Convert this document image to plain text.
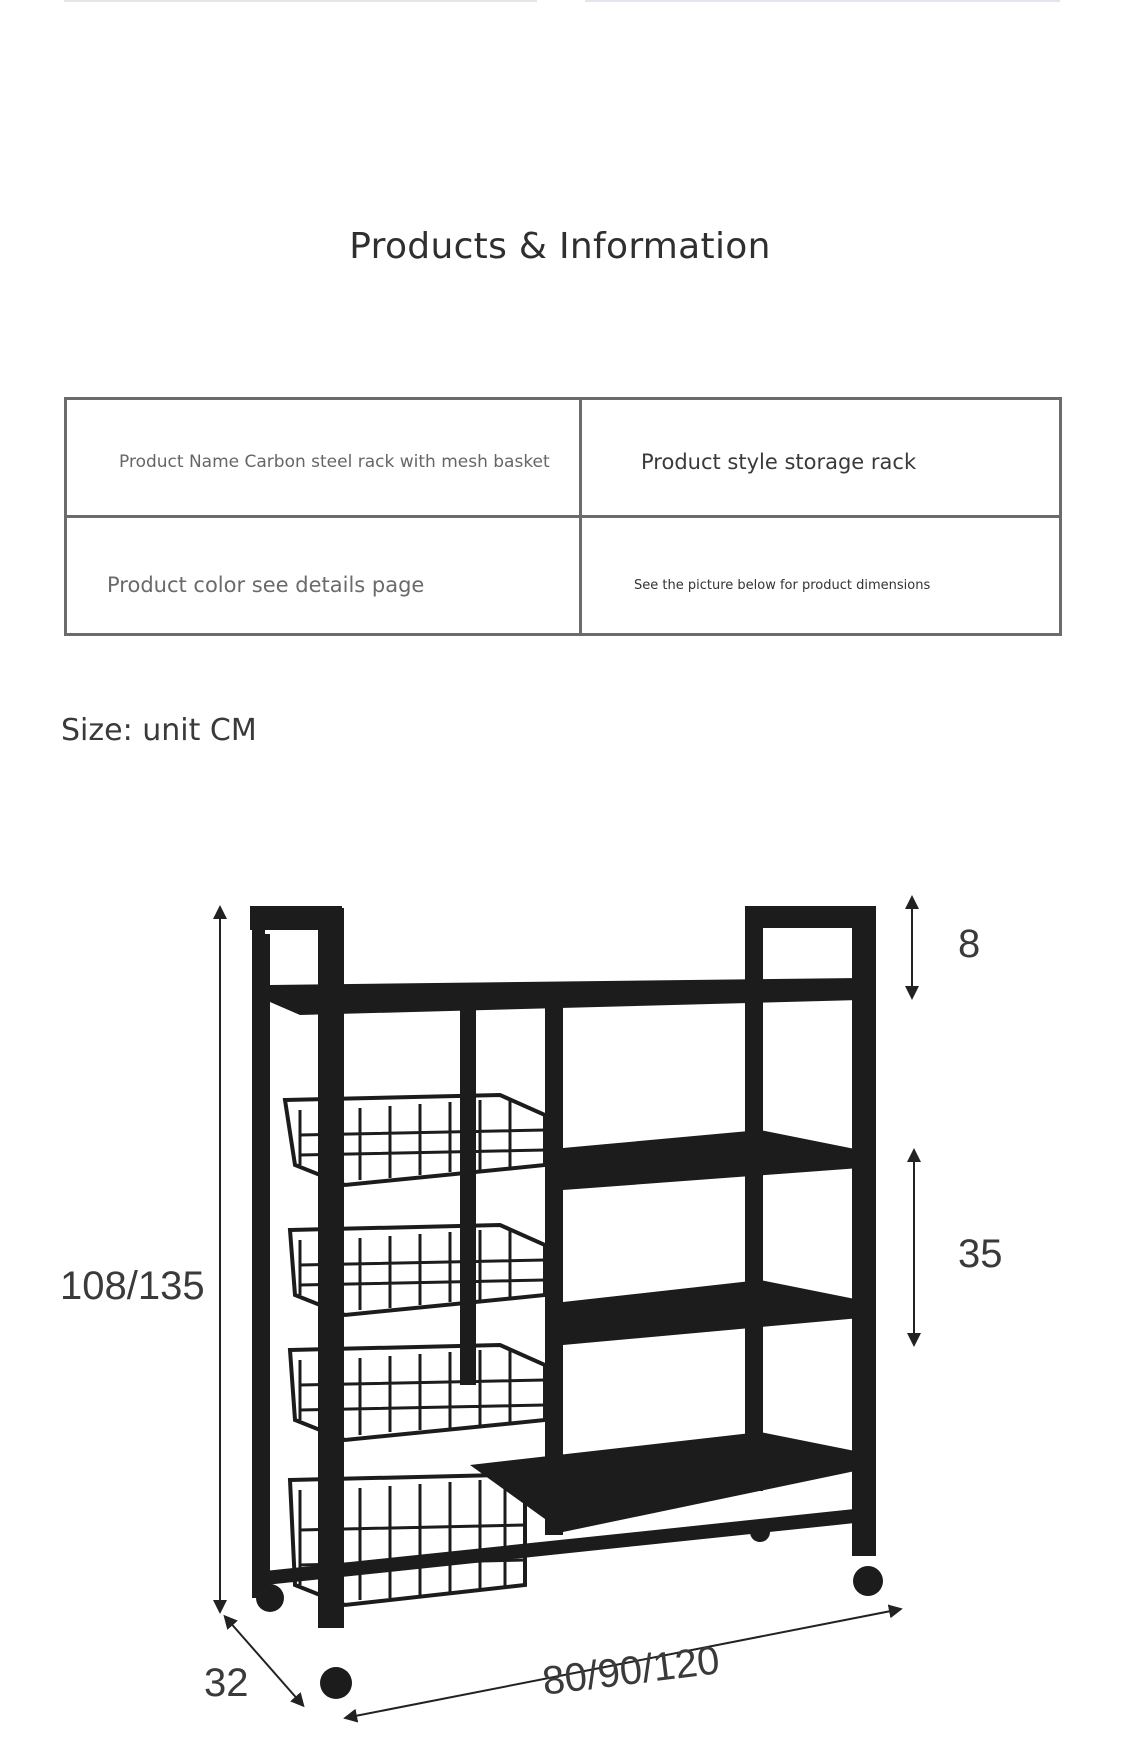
Products & Information
Product Name Carbon steel rack with mesh basket	Product style storage rack
Product color see details page	See the picture below for product dimensions
Size: unit CM
8
35
108/135
32	80/90/120
